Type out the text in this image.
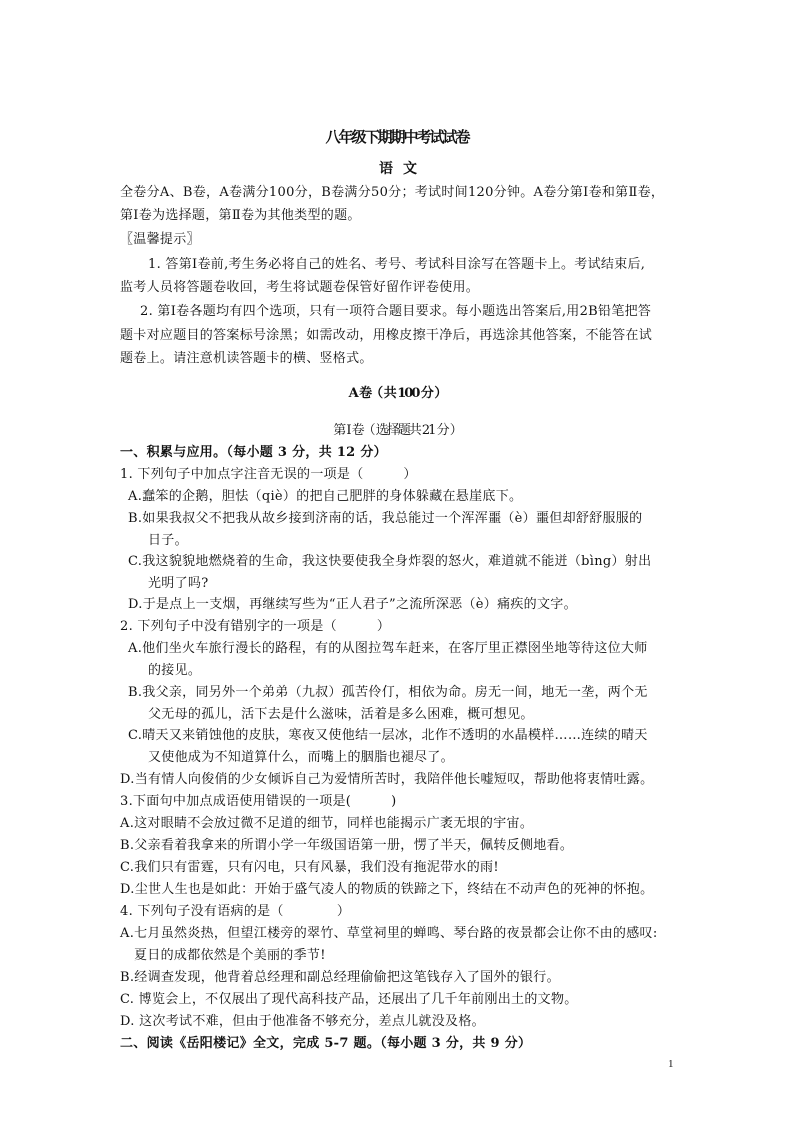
八年级下期期中考试试卷
语　文
全卷分A、B卷，A卷满分100分，B卷满分50分；考试时间120分钟。A卷分第Ⅰ卷和第Ⅱ卷，
第Ⅰ卷为选择题，第Ⅱ卷为其他类型的题。
〖温馨提示〗
1. 答第Ⅰ卷前,考生务必将自己的姓名、考号、考试科目涂写在答题卡上。考试结束后,
监考人员将答题卷收回，考生将试题卷保管好留作评卷使用。
2. 第Ⅰ卷各题均有四个选项，只有一项符合题目要求。每小题选出答案后,用2B铅笔把答
题卡对应题目的答案标号涂黑；如需改动，用橡皮擦干净后，再选涂其他答案，不能答在试
题卷上。请注意机读答题卡的横、竖格式。
A 卷（ 共 100 分 ）
第 Ⅰ 卷（ 选择题共 21 分 ）
一、积累与应用。（每小题 3 分，共 12 分）
1. 下列句子中加点字注音无误的一项是（　　　）
A.蠢笨的企鹅，胆怯（qiè）的把自己肥胖的身体躲藏在悬崖底下。
B.如果我叔父不把我从故乡接到济南的话，我总能过一个浑浑噩（è）噩但却舒舒服服的
日子。
C.我这貌貌地燃烧着的生命，我这快要使我全身炸裂的怒火，难道就不能迸（bìng）射出
光明了吗?
D.于是点上一支烟，再继续写些为“正人君子”之流所深恶（è）痛疾的文字。
2. 下列句子中没有错别字的一项是（　　　）
A.他们坐火车旅行漫长的路程，有的从图拉驾车赶来，在客厅里正襟囹坐地等待这位大师
的接见。
B.我父亲，同另外一个弟弟（九叔）孤苦伶仃，相依为命。房无一间，地无一垄，两个无
父无母的孤儿，活下去是什么滋味，活着是多么困难，概可想见。
C.晴天又来销蚀他的皮肤，寒夜又使他结一层冰，北作不透明的水晶模样……连续的晴天
又使他成为不知道算什么，而嘴上的胭脂也褪尽了。
D.当有情人向俊俏的少女倾诉自己为爱情所苦时，我陪伴他长嘘短叹，帮助他将衷情吐露。
3.下面句中加点成语使用错误的一项是(　　　)
A.这对眼睛不会放过微不足道的细节，同样也能揭示广袤无垠的宇宙。
B.父亲看着我拿来的所谓小学一年级国语第一册，愣了半天，佩转反侧地看。
C.我们只有雷霆，只有闪电，只有风暴，我们没有拖泥带水的雨!
D.尘世人生也是如此：开始于盛气凌人的物质的铁蹄之下，终结在不动声色的死神的怀抱。
4. 下列句子没有语病的是（　　　　）
A.七月虽然炎热，但望江楼旁的翠竹、草堂祠里的蝉鸣、琴台路的夜景都会让你不由的感叹:
夏日的成都依然是个美丽的季节!
B.经调查发现，他背着总经理和副总经理偷偷把这笔钱存入了国外的银行。
C. 博览会上，不仅展出了现代高科技产品，还展出了几千年前刚出土的文物。
D. 这次考试不难，但由于他准备不够充分，差点儿就没及格。
二、阅读《岳阳楼记》全文，完成 5-7 题。（每小题 3 分，共 9 分）
1
